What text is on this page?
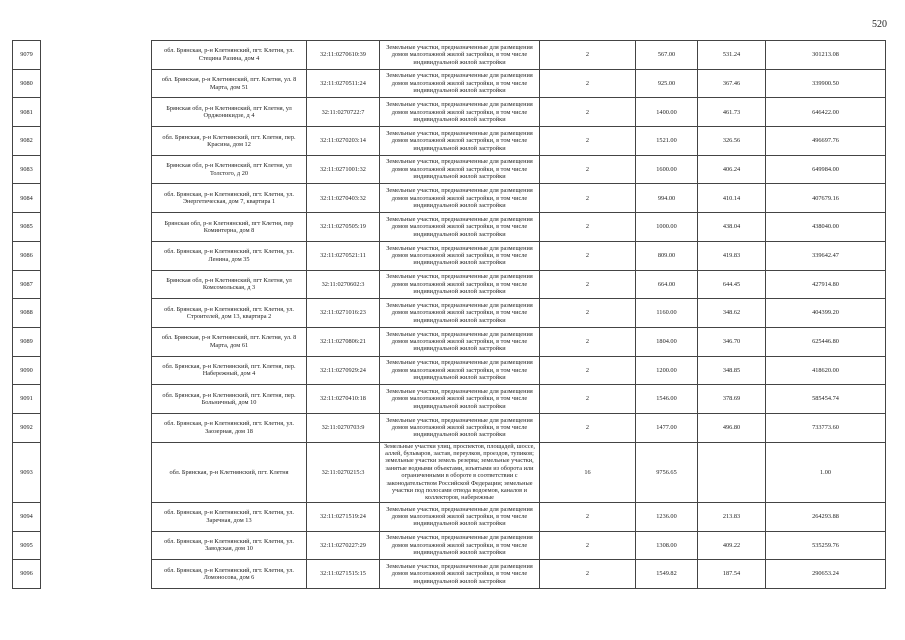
520
9079		обл. Брянская, р-н Клетнянский, пгт. Клетня, ул. Стецина Разина, дом 4	32:11:0270610:39	Земельные участки, предназначенные для размещения домов малоэтажной жилой застройки, в том числе индивидуальной жилой застройки	2	567.00	531.24	301213.08
9080		обл. Брянская, р-н Клетнянский, пгт. Клетня, ул. 8 Марта, дом 51	32:11:0270511:24	Земельные участки, предназначенные для размещения домов малоэтажной жилой застройки, в том числе индивидуальной жилой застройки	2	925.00	367.46	339900.50
9081		Брянская обл, р-н Клетнянский, пгт Клетня, ул Орджоникидзе, д 4	32:11:0270722:7	Земельные участки, предназначенные для размещения домов малоэтажной жилой застройки, в том числе индивидуальной жилой застройки	2	1400.00	461.73	646422.00
9082		обл. Брянская, р-н Клетнянский, пгт. Клетня, пер. Красина, дом 12	32:11:0270203:14	Земельные участки, предназначенные для размещения домов малоэтажной жилой застройки, в том числе индивидуальной жилой застройки	2	1521.00	326.56	496697.76
9083		Брянская обл, р-н Клетнянский, пгт Клетня, ул Толстого, д 20	32:11:0271001:32	Земельные участки, предназначенные для размещения домов малоэтажной жилой застройки, в том числе индивидуальной жилой застройки	2	1600.00	406.24	649984.00
9084		обл. Брянская, р-н Клетнянский, пгт. Клетня, ул. Энергетическая, дом 7, квартира 1	32:11:0270403:32	Земельные участки, предназначенные для размещения домов малоэтажной жилой застройки, в том числе индивидуальной жилой застройки	2	994.00	410.14	407679.16
9085		Брянская обл, р-н Клетнянский, пгт Клетня, пер Коминтерна, дом 8	32:11:0270505:19	Земельные участки, предназначенные для размещения домов малоэтажной жилой застройки, в том числе индивидуальной жилой застройки	2	1000.00	438.04	438040.00
9086		обл. Брянская, р-н Клетнянский, пгт. Клетня, ул. Ленина, дом 35	32:11:0270521:11	Земельные участки, предназначенные для размещения домов малоэтажной жилой застройки, в том числе индивидуальной жилой застройки	2	809.00	419.83	339642.47
9087		Брянская обл, р-н Клетнянский, пгт Клетня, ул Комсомольская, д 3	32:11:0270602:3	Земельные участки, предназначенные для размещения домов малоэтажной жилой застройки, в том числе индивидуальной жилой застройки	2	664.00	644.45	427914.80
9088		обл. Брянская, р-н Клетнянский, пгт. Клетня, ул. Строителей, дом 13, квартира 2	32:11:0271016:23	Земельные участки, предназначенные для размещения домов малоэтажной жилой застройки, в том числе индивидуальной жилой застройки	2	1160.00	348.62	404399.20
9089		обл. Брянская, р-н Клетнянский, пгт. Клетня, ул. 8 Марта, дом 61	32:11:0270806:21	Земельные участки, предназначенные для размещения домов малоэтажной жилой застройки, в том числе индивидуальной жилой застройки	2	1804.00	346.70	625446.80
9090		обл. Брянская, р-н Клетнянский, пгт. Клетня, пер. Набережный, дом 4	32:11:0270929:24	Земельные участки, предназначенные для размещения домов малоэтажной жилой застройки, в том числе индивидуальной жилой застройки	2	1200.00	348.85	418620.00
9091		обл. Брянская, р-н Клетнянский, пгт. Клетня, пер. Больничный, дом 10	32:11:0270410:18	Земельные участки, предназначенные для размещения домов малоэтажной жилой застройки, в том числе индивидуальной жилой застройки	2	1546.00	378.69	585454.74
9092		обл. Брянская, р-н Клетнянский, пгт. Клетня, ул. Заозерная, дом 18	32:11:0270703:9	Земельные участки, предназначенные для размещения домов малоэтажной жилой застройки, в том числе индивидуальной жилой застройки	2	1477.00	496.80	733773.60
9093		обл. Брянская, р-н Клетнянский, пгт. Клетня	32:11:0270215:3	Земельные участки улиц, проспектов, площадей, шоссе, аллей, бульваров, застав, переулков, проездов, тупиков; земельные участки земель резерва; земельные участки, занятые водными объектами, изъятыми из оборота или ограниченными в обороте в соответствии с законодательством Российской Федерации; земельные участки под полосами отвода водоемов, каналов и коллекторов, набережные	16	9756.65		1.00
9094		обл. Брянская, р-н Клетнянский, пгт. Клетня, ул. Заречная, дом 13	32:11:0271519:24	Земельные участки, предназначенные для размещения домов малоэтажной жилой застройки, в том числе индивидуальной жилой застройки	2	1236.00	213.83	264293.88
9095		обл. Брянская, р-н Клетнянский, пгт. Клетня, ул. Заводская, дом 10	32:11:0270227:29	Земельные участки, предназначенные для размещения домов малоэтажной жилой застройки, в том числе индивидуальной жилой застройки	2	1308.00	409.22	535259.76
9096		обл. Брянская, р-н Клетнянский, пгт. Клетня, ул. Ломоносова, дом 6	32:11:0271515:15	Земельные участки, предназначенные для размещения домов малоэтажной жилой застройки, в том числе индивидуальной жилой застройки	2	1549.82	187.54	290653.24
